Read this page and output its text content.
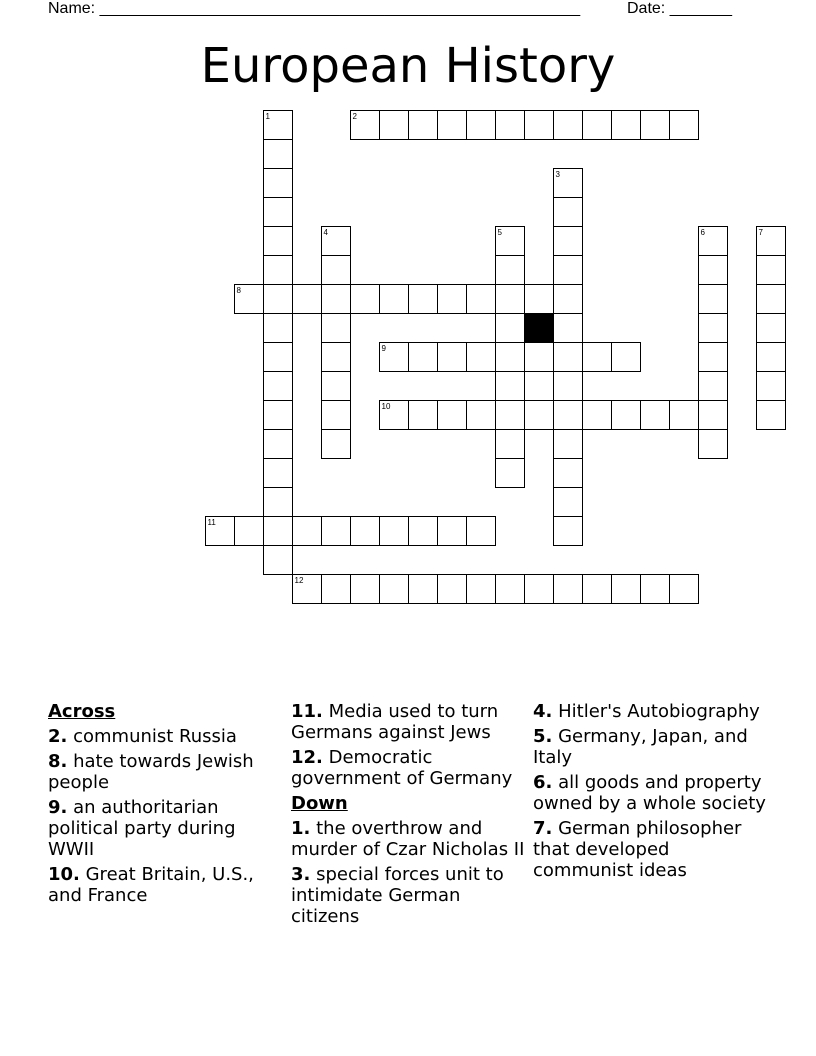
Name: ______________________________________________________	Date: _______
European History
1	2
3
4	5	6	7
8
9
10
11
12
Across
2. communist Russia
8. hate towards Jewish people
9. an authoritarian political party during WWII
10. Great Britain, U.S., and France
11. Media used to turn Germans against Jews
12. Democratic government of Germany
Down
1. the overthrow and murder of Czar Nicholas II
3. special forces unit to intimidate German citizens
4. Hitler's Autobiography
5. Germany, Japan, and Italy
6. all goods and property owned by a whole society
7. German philosopher that developed communist ideas
